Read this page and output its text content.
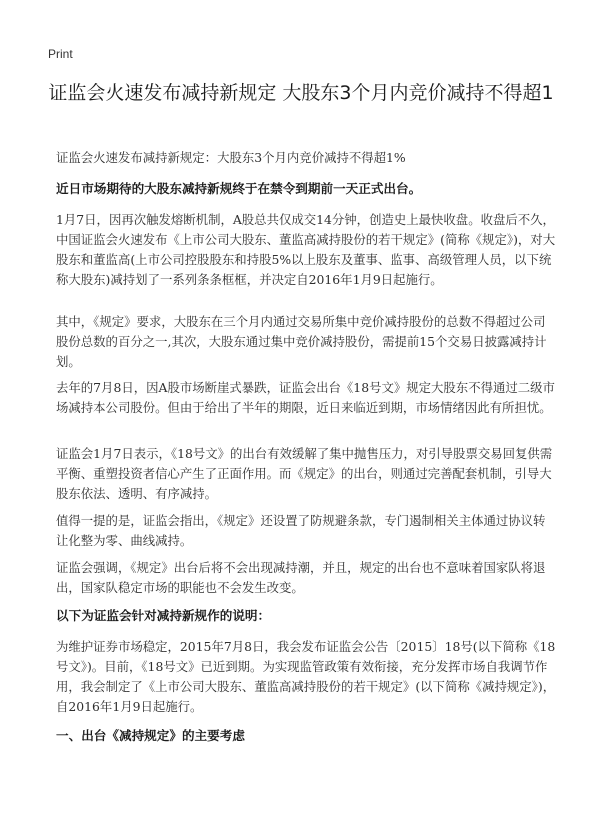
Print
证监会火速发布减持新规定 大股东3个月内竞价减持不得超1

证监会火速发布减持新规定：大股东3个月内竞价减持不得超1%

近日市场期待的大股东减持新规终于在禁令到期前一天正式出台。

1月7日，因再次触发熔断机制，A股总共仅成交14分钟，创造史上最快收盘。收盘后不久，中国证监会火速发布《上市公司大股东、董监高减持股份的若干规定》(简称《规定》)，对大股东和董监高(上市公司控股股东和持股5%以上股东及董事、监事、高级管理人员，以下统称大股东)减持划了一系列条条框框，并决定自2016年1月9日起施行。

其中，《规定》要求，大股东在三个月内通过交易所集中竞价减持股份的总数不得超过公司股份总数的百分之一,其次，大股东通过集中竞价减持股份，需提前15个交易日披露减持计划。

去年的7月8日，因A股市场断崖式暴跌，证监会出台《18号文》规定大股东不得通过二级市场减持本公司股份。但由于给出了半年的期限，近日来临近到期，市场情绪因此有所担忧。

证监会1月7日表示，《18号文》的出台有效缓解了集中抛售压力，对引导股票交易回复供需平衡、重塑投资者信心产生了正面作用。而《规定》的出台，则通过完善配套机制，引导大股东依法、透明、有序减持。

值得一提的是，证监会指出，《规定》还设置了防规避条款，专门遏制相关主体通过协议转让化整为零、曲线减持。

证监会强调，《规定》出台后将不会出现减持潮，并且，规定的出台也不意味着国家队将退出，国家队稳定市场的职能也不会发生改变。

以下为证监会针对减持新规作的说明：

为维护证券市场稳定，2015年7月8日，我会发布证监会公告〔2015〕18号(以下简称《18号文》)。目前，《18号文》已近到期。为实现监管政策有效衔接，充分发挥市场自我调节作用，我会制定了《上市公司大股东、董监高减持股份的若干规定》(以下简称《减持规定》)，自2016年1月9日起施行。

一、出台《减持规定》的主要考虑
